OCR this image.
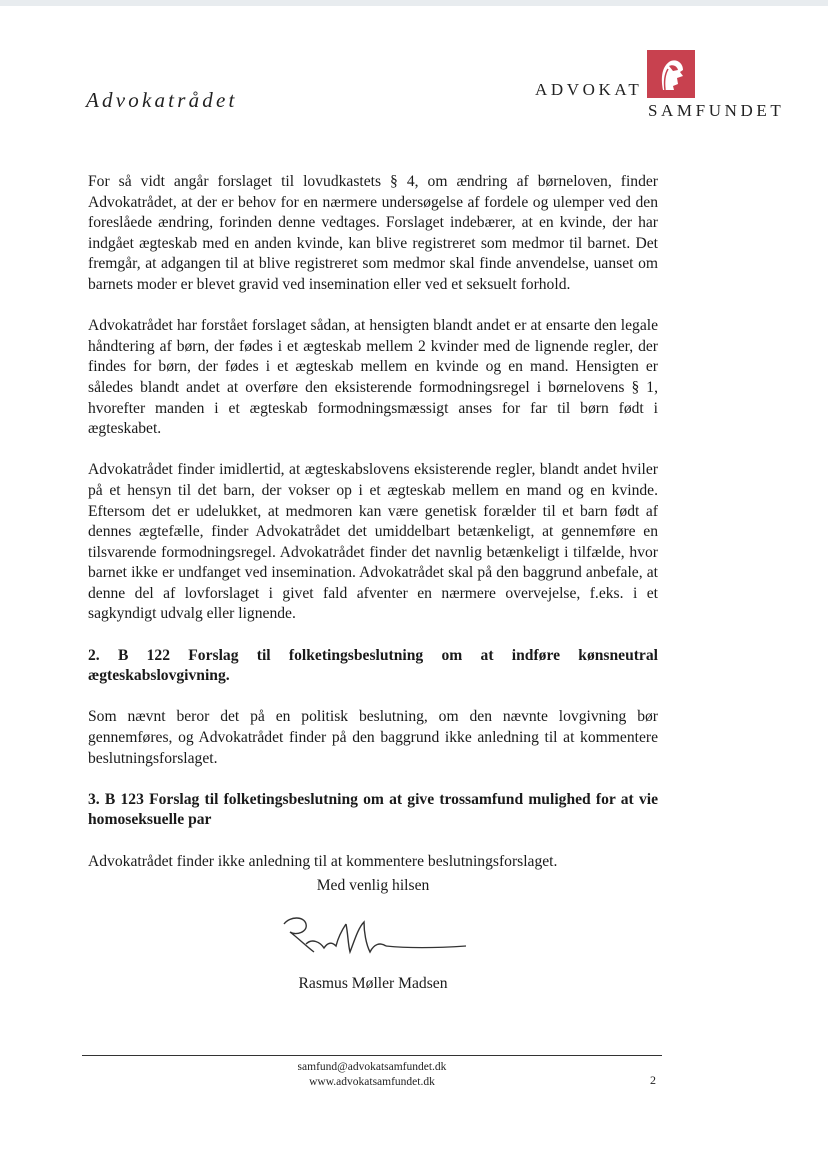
Advokatrådet	ADVOKAT
SAMFUNDET

For så vidt angår forslaget til lovudkastets § 4, om ændring af børneloven, finder Advokatrådet, at der er behov for en nærmere undersøgelse af fordele og ulemper ved den foreslåede ændring, forinden denne vedtages. Forslaget indebærer, at en kvinde, der har indgået ægteskab med en anden kvinde, kan blive registreret som medmor til barnet. Det fremgår, at adgangen til at blive registreret som medmor skal finde anvendelse, uanset om barnets moder er blevet gravid ved insemination eller ved et seksuelt forhold.

Advokatrådet har forstået forslaget sådan, at hensigten blandt andet er at ensarte den legale håndtering af børn, der fødes i et ægteskab mellem 2 kvinder med de lignende regler, der findes for børn, der fødes i et ægteskab mellem en kvinde og en mand. Hensigten er således blandt andet at overføre den eksisterende formodningsregel i børnelovens § 1, hvorefter manden i et ægteskab formodningsmæssigt anses for far til børn født i ægteskabet.

Advokatrådet finder imidlertid, at ægteskabslovens eksisterende regler, blandt andet hviler på et hensyn til det barn, der vokser op i et ægteskab mellem en mand og en kvinde. Eftersom det er udelukket, at medmoren kan være genetisk forælder til et barn født af dennes ægtefælle, finder Advokatrådet det umiddelbart betænkeligt, at gennemføre en tilsvarende formodningsregel. Advokatrådet finder det navnlig betænkeligt i tilfælde, hvor barnet ikke er undfanget ved insemination. Advokatrådet skal på den baggrund anbefale, at denne del af lovforslaget i givet fald afventer en nærmere overvejelse, f.eks. i et sagkyndigt udvalg eller lignende.

2. B 122 Forslag til folketingsbeslutning om at indføre kønsneutral ægteskabslovgivning.

Som nævnt beror det på en politisk beslutning, om den nævnte lovgivning bør gennemføres, og Advokatrådet finder på den baggrund ikke anledning til at kommentere beslutningsforslaget.

3. B 123 Forslag til folketingsbeslutning om at give trossamfund mulighed for at vie homoseksuelle par

Advokatrådet finder ikke anledning til at kommentere beslutningsforslaget.

Med venlig hilsen
Rasmus Møller Madsen
samfund@advokatsamfundet.dk
www.advokatsamfundet.dk	2
